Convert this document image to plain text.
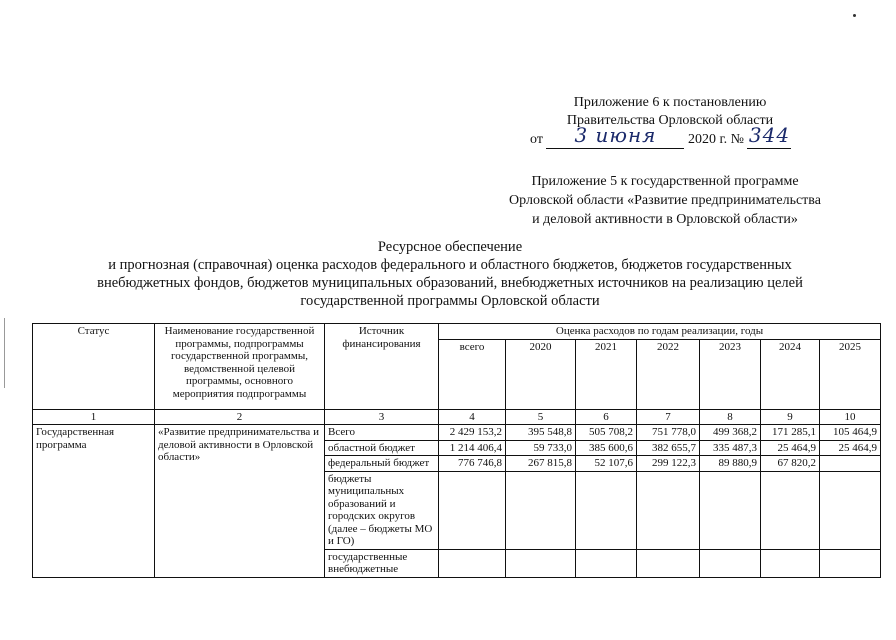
Приложение 6 к постановлению
Правительства Орловской области
от 3 июня 2020 г. № 344
Приложение 5 к государственной программе
Орловской области «Развитие предпринимательства
и деловой активности в Орловской области»
Ресурсное обеспечение
и прогнозная (справочная) оценка расходов федерального и областного бюджетов, бюджетов государственных
внебюджетных фондов, бюджетов муниципальных образований, внебюджетных источников на реализацию целей
государственной программы Орловской области
Статус	Наименование государственной программы, подпрограммы государственной программы, ведомственной целевой программы, основного мероприятия подпрограммы	Источник финансирования	Оценка расходов по годам реализации, годы						
			всего	2020	2021	2022	2023	2024	2025
1	2	3	4	5	6	7	8	9	10
Государственная программа	«Развитие предпринимательства и деловой активности в Орловской области»	Всего	2 429 153,2	395 548,8	505 708,2	751 778,0	499 368,2	171 285,1	105 464,9
		областной бюджет	1 214 406,4	59 733,0	385 600,6	382 655,7	335 487,3	25 464,9	25 464,9
		федеральный бюджет	776 746,8	267 815,8	52 107,6	299 122,3	89 880,9	67 820,2	
		бюджеты муниципальных образований и городских округов (далее – бюджеты МО и ГО)							
		государственные внебюджетные							
